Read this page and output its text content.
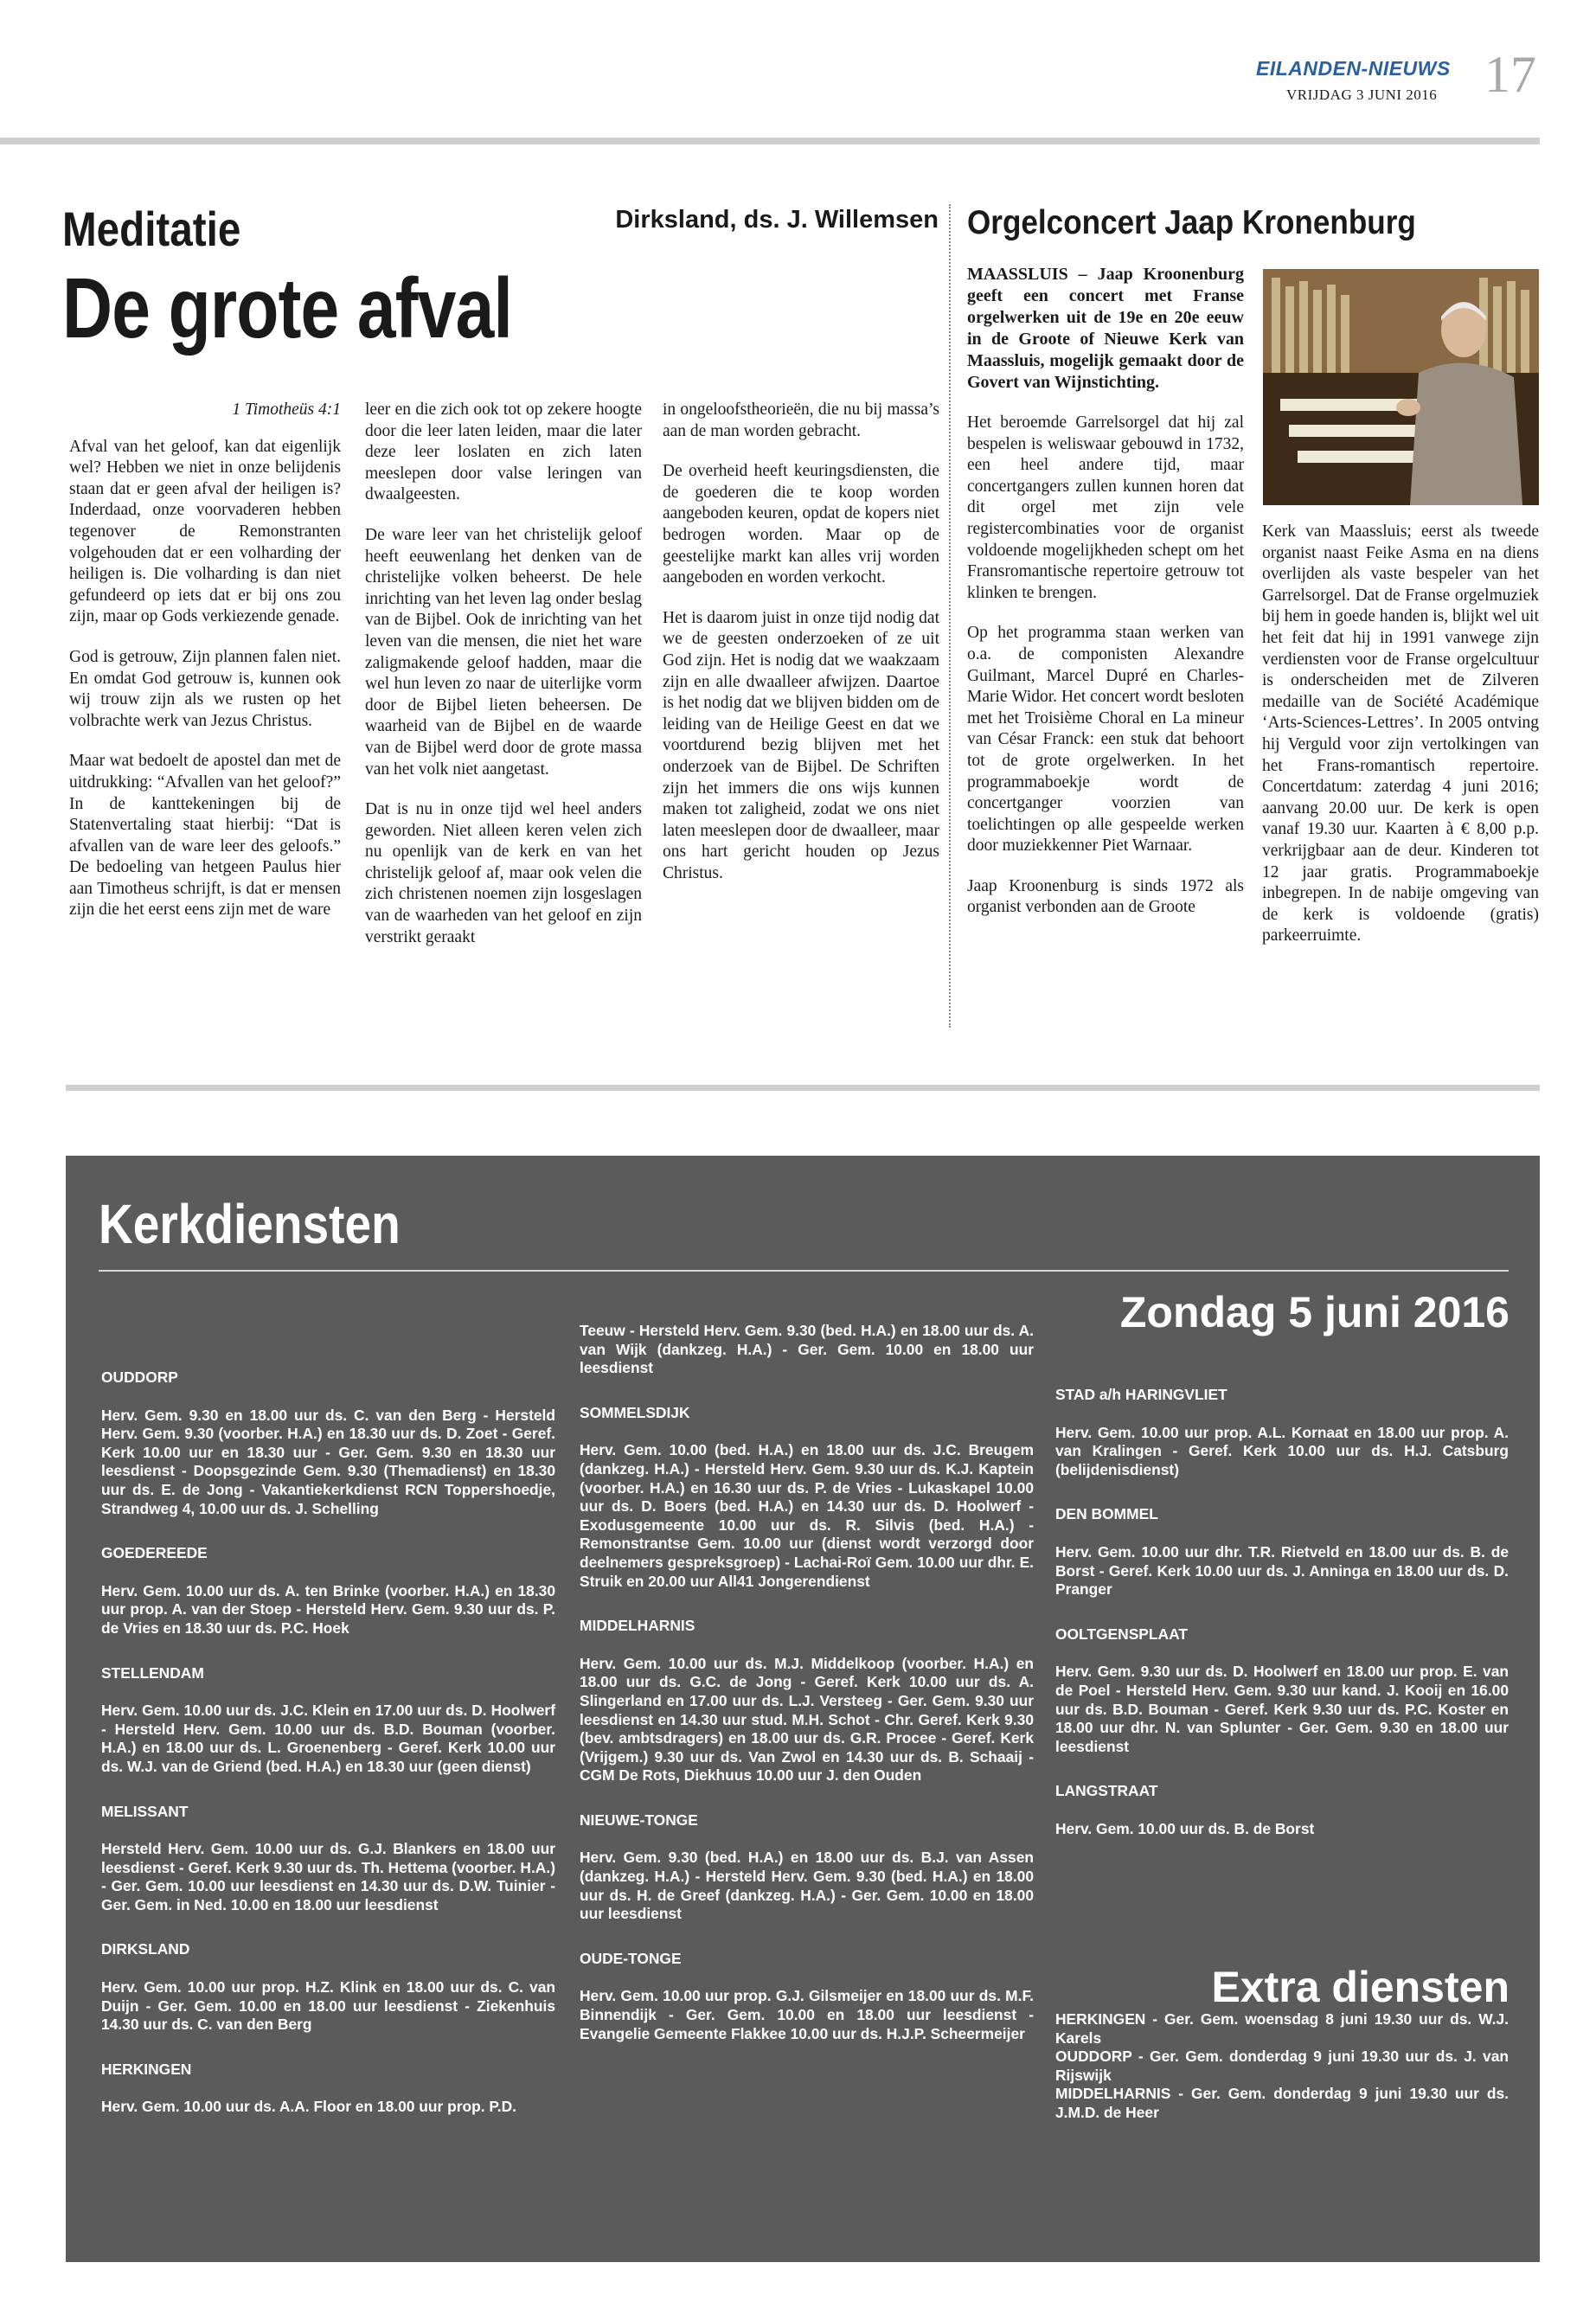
EILANDEN-NIEUWS
VRIJDAG 3 JUNI 2016 17
Meditatie
De grote afval
Dirksland, ds. J. Willemsen

1 Timotheüs 4:1

Afval van het geloof, kan dat eigenlijk wel? Hebben we niet in onze belijdenis staan dat er geen afval der heiligen is? Inderdaad, onze voorvaderen hebben tegenover de Remonstranten volgehouden dat er een volharding der heiligen is. Die volharding is dan niet gefundeerd op iets dat er bij ons zou zijn, maar op Gods verkiezende genade.

God is getrouw, Zijn plannen falen niet. En omdat God getrouw is, kunnen ook wij trouw zijn als we rusten op het volbrachte werk van Jezus Christus.

Maar wat bedoelt de apostel dan met de uitdrukking: “Afvallen van het geloof?” In de kanttekeningen bij de Statenvertaling staat hierbij: “Dat is afvallen van de ware leer des geloofs.” De bedoeling van hetgeen Paulus hier aan Timotheus schrijft, is dat er mensen zijn die het eerst eens zijn met de ware

leer en die zich ook tot op zekere hoogte door die leer laten leiden, maar die later deze leer loslaten en zich laten meeslepen door valse leringen van dwaalgeesten.

De ware leer van het christelijk geloof heeft eeuwenlang het denken van de christelijke volken beheerst. De hele inrichting van het leven lag onder beslag van de Bijbel. Ook de inrichting van het leven van die mensen, die niet het ware zaligmakende geloof hadden, maar die wel hun leven zo naar de uiterlijke vorm door de Bijbel lieten beheersen. De waarheid van de Bijbel en de waarde van de Bijbel werd door de grote massa van het volk niet aangetast.

Dat is nu in onze tijd wel heel anders geworden. Niet alleen keren velen zich nu openlijk van de kerk en van het christelijk geloof af, maar ook velen die zich christenen noemen zijn losgeslagen van de waarheden van het geloof en zijn verstrikt geraakt

in ongeloofstheorieën, die nu bij massa’s aan de man worden gebracht.

De overheid heeft keuringsdiensten, die de goederen die te koop worden aangeboden keuren, opdat de kopers niet bedrogen worden. Maar op de geestelijke markt kan alles vrij worden aangeboden en worden verkocht.

Het is daarom juist in onze tijd nodig dat we de geesten onderzoeken of ze uit God zijn. Het is nodig dat we waakzaam zijn en alle dwaalleer afwijzen. Daartoe is het nodig dat we blijven bidden om de leiding van de Heilige Geest en dat we voortdurend bezig blijven met het onderzoek van de Bijbel. De Schriften zijn het immers die ons wijs kunnen maken tot zaligheid, zodat we ons niet laten meeslepen door de dwaalleer, maar ons hart gericht houden op Jezus Christus.

Orgelconcert Jaap Kronenburg

MAASSLUIS – Jaap Kroonenburg geeft een concert met Franse orgelwerken uit de 19e en 20e eeuw in de Groote of Nieuwe Kerk van Maassluis, mogelijk gemaakt door de Govert van Wijnstichting.

Het beroemde Garrelsorgel dat hij zal bespelen is weliswaar gebouwd in 1732, een heel andere tijd, maar concertgangers zullen kunnen horen dat dit orgel met zijn vele registercombinaties voor de organist voldoende mogelijkheden schept om het Fransromantische repertoire getrouw tot klinken te brengen.

Op het programma staan werken van o.a. de componisten Alexandre Guilmant, Marcel Dupré en Charles-Marie Widor. Het concert wordt besloten met het Troisième Choral en La mineur van César Franck: een stuk dat behoort tot de grote orgelwerken. In het programmaboekje wordt de concertganger voorzien van toelichtingen op alle gespeelde werken door muziekkenner Piet Warnaar.

Jaap Kroonenburg is sinds 1972 als organist verbonden aan de Groote

Kerk van Maassluis; eerst als tweede organist naast Feike Asma en na diens overlijden als vaste bespeler van het Garrelsorgel. Dat de Franse orgelmuziek bij hem in goede handen is, blijkt wel uit het feit dat hij in 1991 vanwege zijn verdiensten voor de Franse orgelcultuur is onderscheiden met de Zilveren medaille van de Société Académique ‘Arts-Sciences-Lettres’. In 2005 ontving hij Verguld voor zijn vertolkingen van het Frans-romantisch repertoire. Concertdatum: zaterdag 4 juni 2016; aanvang 20.00 uur. De kerk is open vanaf 19.30 uur. Kaarten à € 8,00 p.p. verkrijgbaar aan de deur. Kinderen tot 12 jaar gratis. Programmaboekje inbegrepen. In de nabije omgeving van de kerk is voldoende (gratis) parkeerruimte.

Kerkdiensten
Zondag 5 juni 2016
OUDDORP
Herv. Gem. 9.30 en 18.00 uur ds. C. van den Berg - Hersteld Herv. Gem. 9.30 (voorber. H.A.) en 18.30 uur ds. D. Zoet - Geref. Kerk 10.00 uur en 18.30 uur - Ger. Gem. 9.30 en 18.30 uur leesdienst - Doopsgezinde Gem. 9.30 (Themadienst) en 18.30 uur ds. E. de Jong - Vakantiekerkdienst RCN Toppershoedje, Strandweg 4, 10.00 uur ds. J. Schelling
GOEDEREEDE
Herv. Gem. 10.00 uur ds. A. ten Brinke (voorber. H.A.) en 18.30 uur prop. A. van der Stoep - Hersteld Herv. Gem. 9.30 uur ds. P. de Vries en 18.30 uur ds. P.C. Hoek
STELLENDAM
Herv. Gem. 10.00 uur ds. J.C. Klein en 17.00 uur ds. D. Hoolwerf - Hersteld Herv. Gem. 10.00 uur ds. B.D. Bouman (voorber. H.A.) en 18.00 uur ds. L. Groenenberg - Geref. Kerk 10.00 uur ds. W.J. van de Griend (bed. H.A.) en 18.30 uur (geen dienst)
MELISSANT
Hersteld Herv. Gem. 10.00 uur ds. G.J. Blankers en 18.00 uur leesdienst - Geref. Kerk 9.30 uur ds. Th. Hettema (voorber. H.A.) - Ger. Gem. 10.00 uur leesdienst en 14.30 uur ds. D.W. Tuinier - Ger. Gem. in Ned. 10.00 en 18.00 uur leesdienst
DIRKSLAND
Herv. Gem. 10.00 uur prop. H.Z. Klink en 18.00 uur ds. C. van Duijn - Ger. Gem. 10.00 en 18.00 uur leesdienst - Ziekenhuis 14.30 uur ds. C. van den Berg
HERKINGEN
Herv. Gem. 10.00 uur ds. A.A. Floor en 18.00 uur prop. P.D.
Teeuw - Hersteld Herv. Gem. 9.30 (bed. H.A.) en 18.00 uur ds. A. van Wijk (dankzeg. H.A.) - Ger. Gem. 10.00 en 18.00 uur leesdienst
SOMMELSDIJK
Herv. Gem. 10.00 (bed. H.A.) en 18.00 uur ds. J.C. Breugem (dankzeg. H.A.) - Hersteld Herv. Gem. 9.30 uur ds. K.J. Kaptein (voorber. H.A.) en 16.30 uur ds. P. de Vries - Lukaskapel 10.00 uur ds. D. Boers (bed. H.A.) en 14.30 uur ds. D. Hoolwerf - Exodusgemeente 10.00 uur ds. R. Silvis (bed. H.A.) - Remonstrantse Gem. 10.00 uur (dienst wordt verzorgd door deelnemers gespreksgroep) - Lachai-Roï Gem. 10.00 uur dhr. E. Struik en 20.00 uur All41 Jongerendienst
MIDDELHARNIS
Herv. Gem. 10.00 uur ds. M.J. Middelkoop (voorber. H.A.) en 18.00 uur ds. G.C. de Jong - Geref. Kerk 10.00 uur ds. A. Slingerland en 17.00 uur ds. L.J. Versteeg - Ger. Gem. 9.30 uur leesdienst en 14.30 uur stud. M.H. Schot - Chr. Geref. Kerk 9.30 (bev. ambtsdragers) en 18.00 uur ds. G.R. Procee - Geref. Kerk (Vrijgem.) 9.30 uur ds. Van Zwol en 14.30 uur ds. B. Schaaij - CGM De Rots, Diekhuus 10.00 uur J. den Ouden
NIEUWE-TONGE
Herv. Gem. 9.30 (bed. H.A.) en 18.00 uur ds. B.J. van Assen (dankzeg. H.A.) - Hersteld Herv. Gem. 9.30 (bed. H.A.) en 18.00 uur ds. H. de Greef (dankzeg. H.A.) - Ger. Gem. 10.00 en 18.00 uur leesdienst
OUDE-TONGE
Herv. Gem. 10.00 uur prop. G.J. Gilsmeijer en 18.00 uur ds. M.F. Binnendijk - Ger. Gem. 10.00 en 18.00 uur leesdienst - Evangelie Gemeente Flakkee 10.00 uur ds. H.J.P. Scheermeijer
STAD a/h HARINGVLIET
Herv. Gem. 10.00 uur prop. A.L. Kornaat en 18.00 uur prop. A. van Kralingen - Geref. Kerk 10.00 uur ds. H.J. Catsburg (belijdenisdienst)
DEN BOMMEL
Herv. Gem. 10.00 uur dhr. T.R. Rietveld en 18.00 uur ds. B. de Borst - Geref. Kerk 10.00 uur ds. J. Anninga en 18.00 uur ds. D. Pranger
OOLTGENSPLAAT
Herv. Gem. 9.30 uur ds. D. Hoolwerf en 18.00 uur prop. E. van de Poel - Hersteld Herv. Gem. 9.30 uur kand. J. Kooij en 16.00 uur ds. B.D. Bouman - Geref. Kerk 9.30 uur ds. P.C. Koster en 18.00 uur dhr. N. van Splunter - Ger. Gem. 9.30 en 18.00 uur leesdienst
LANGSTRAAT
Herv. Gem. 10.00 uur ds. B. de Borst
Extra diensten
HERKINGEN - Ger. Gem. woensdag 8 juni 19.30 uur ds. W.J. Karels
OUDDORP - Ger. Gem. donderdag 9 juni 19.30 uur ds. J. van Rijswijk
MIDDELHARNIS - Ger. Gem. donderdag 9 juni 19.30 uur ds. J.M.D. de Heer
